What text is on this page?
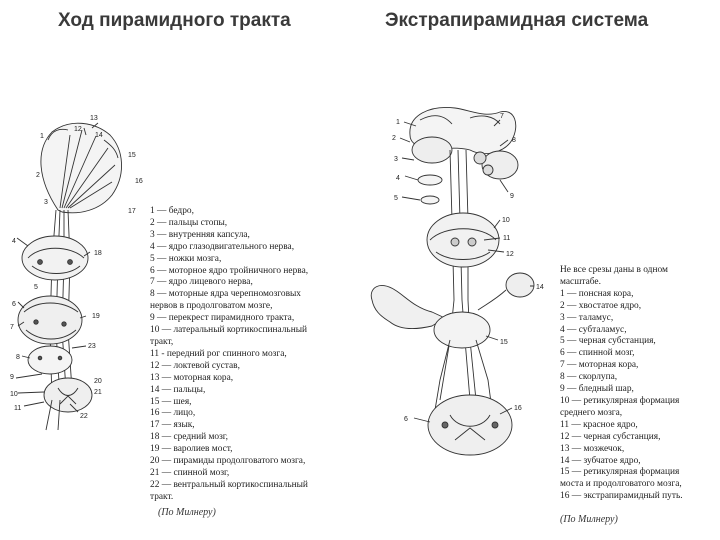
Ход пирамидного тракта	Экстрапирамидная система
13
12
14
1
15
2
16
3
17
4
18
5
6
19
7
23
8
9
20
10	21
11
22
1
7
2	8
3
4
9
5
10
11
12
14
15
6
16
1 — бедро,
2 — пальцы стопы,
3 — внутренняя капсула,
4 — ядро глазодвигательного нерва,
5 — ножки мозга,
6 — моторное ядро тройничного нерва,
7 — ядро лицевого нерва,
8 — моторные ядра черепномозговых
нервов в продолговатом мозге,
9 — перекрест пирамидного тракта,
10 — латеральный кортикоспинальный
тракт,
11 - передний рог спинного мозга,
12 — локтевой сустав,
13 — моторная кора,
14 — пальцы,
15 — шея,
16 — лицо,
17 — язык,
18 — средний мозг,
19 — варолиев мост,
20 — пирамиды продолговатого мозга,
21 — спинной мозг,
22 — вентральный кортикоспинальный
тракт.
Не все срезы даны в одном
масштабе.
1 — понсная кора,
2 — хвостатое ядро,
3 — таламус,
4 — субталамус,
5 — черная субстанция,
6 — спинной мозг,
7 — моторная кора,
8 — скорлупа,
9 — бледный шар,
10 — ретикулярная формация
среднего мозга,
11 — красное ядро,
12 — черная субстанция,
13 — мозжечок,
14 — зубчатое ядро,
15 — ретикулярная формация
моста и продолговатого мозга,
16 — экстрапирамидный путь.
(По Милнеру)
(По Милнеру)
